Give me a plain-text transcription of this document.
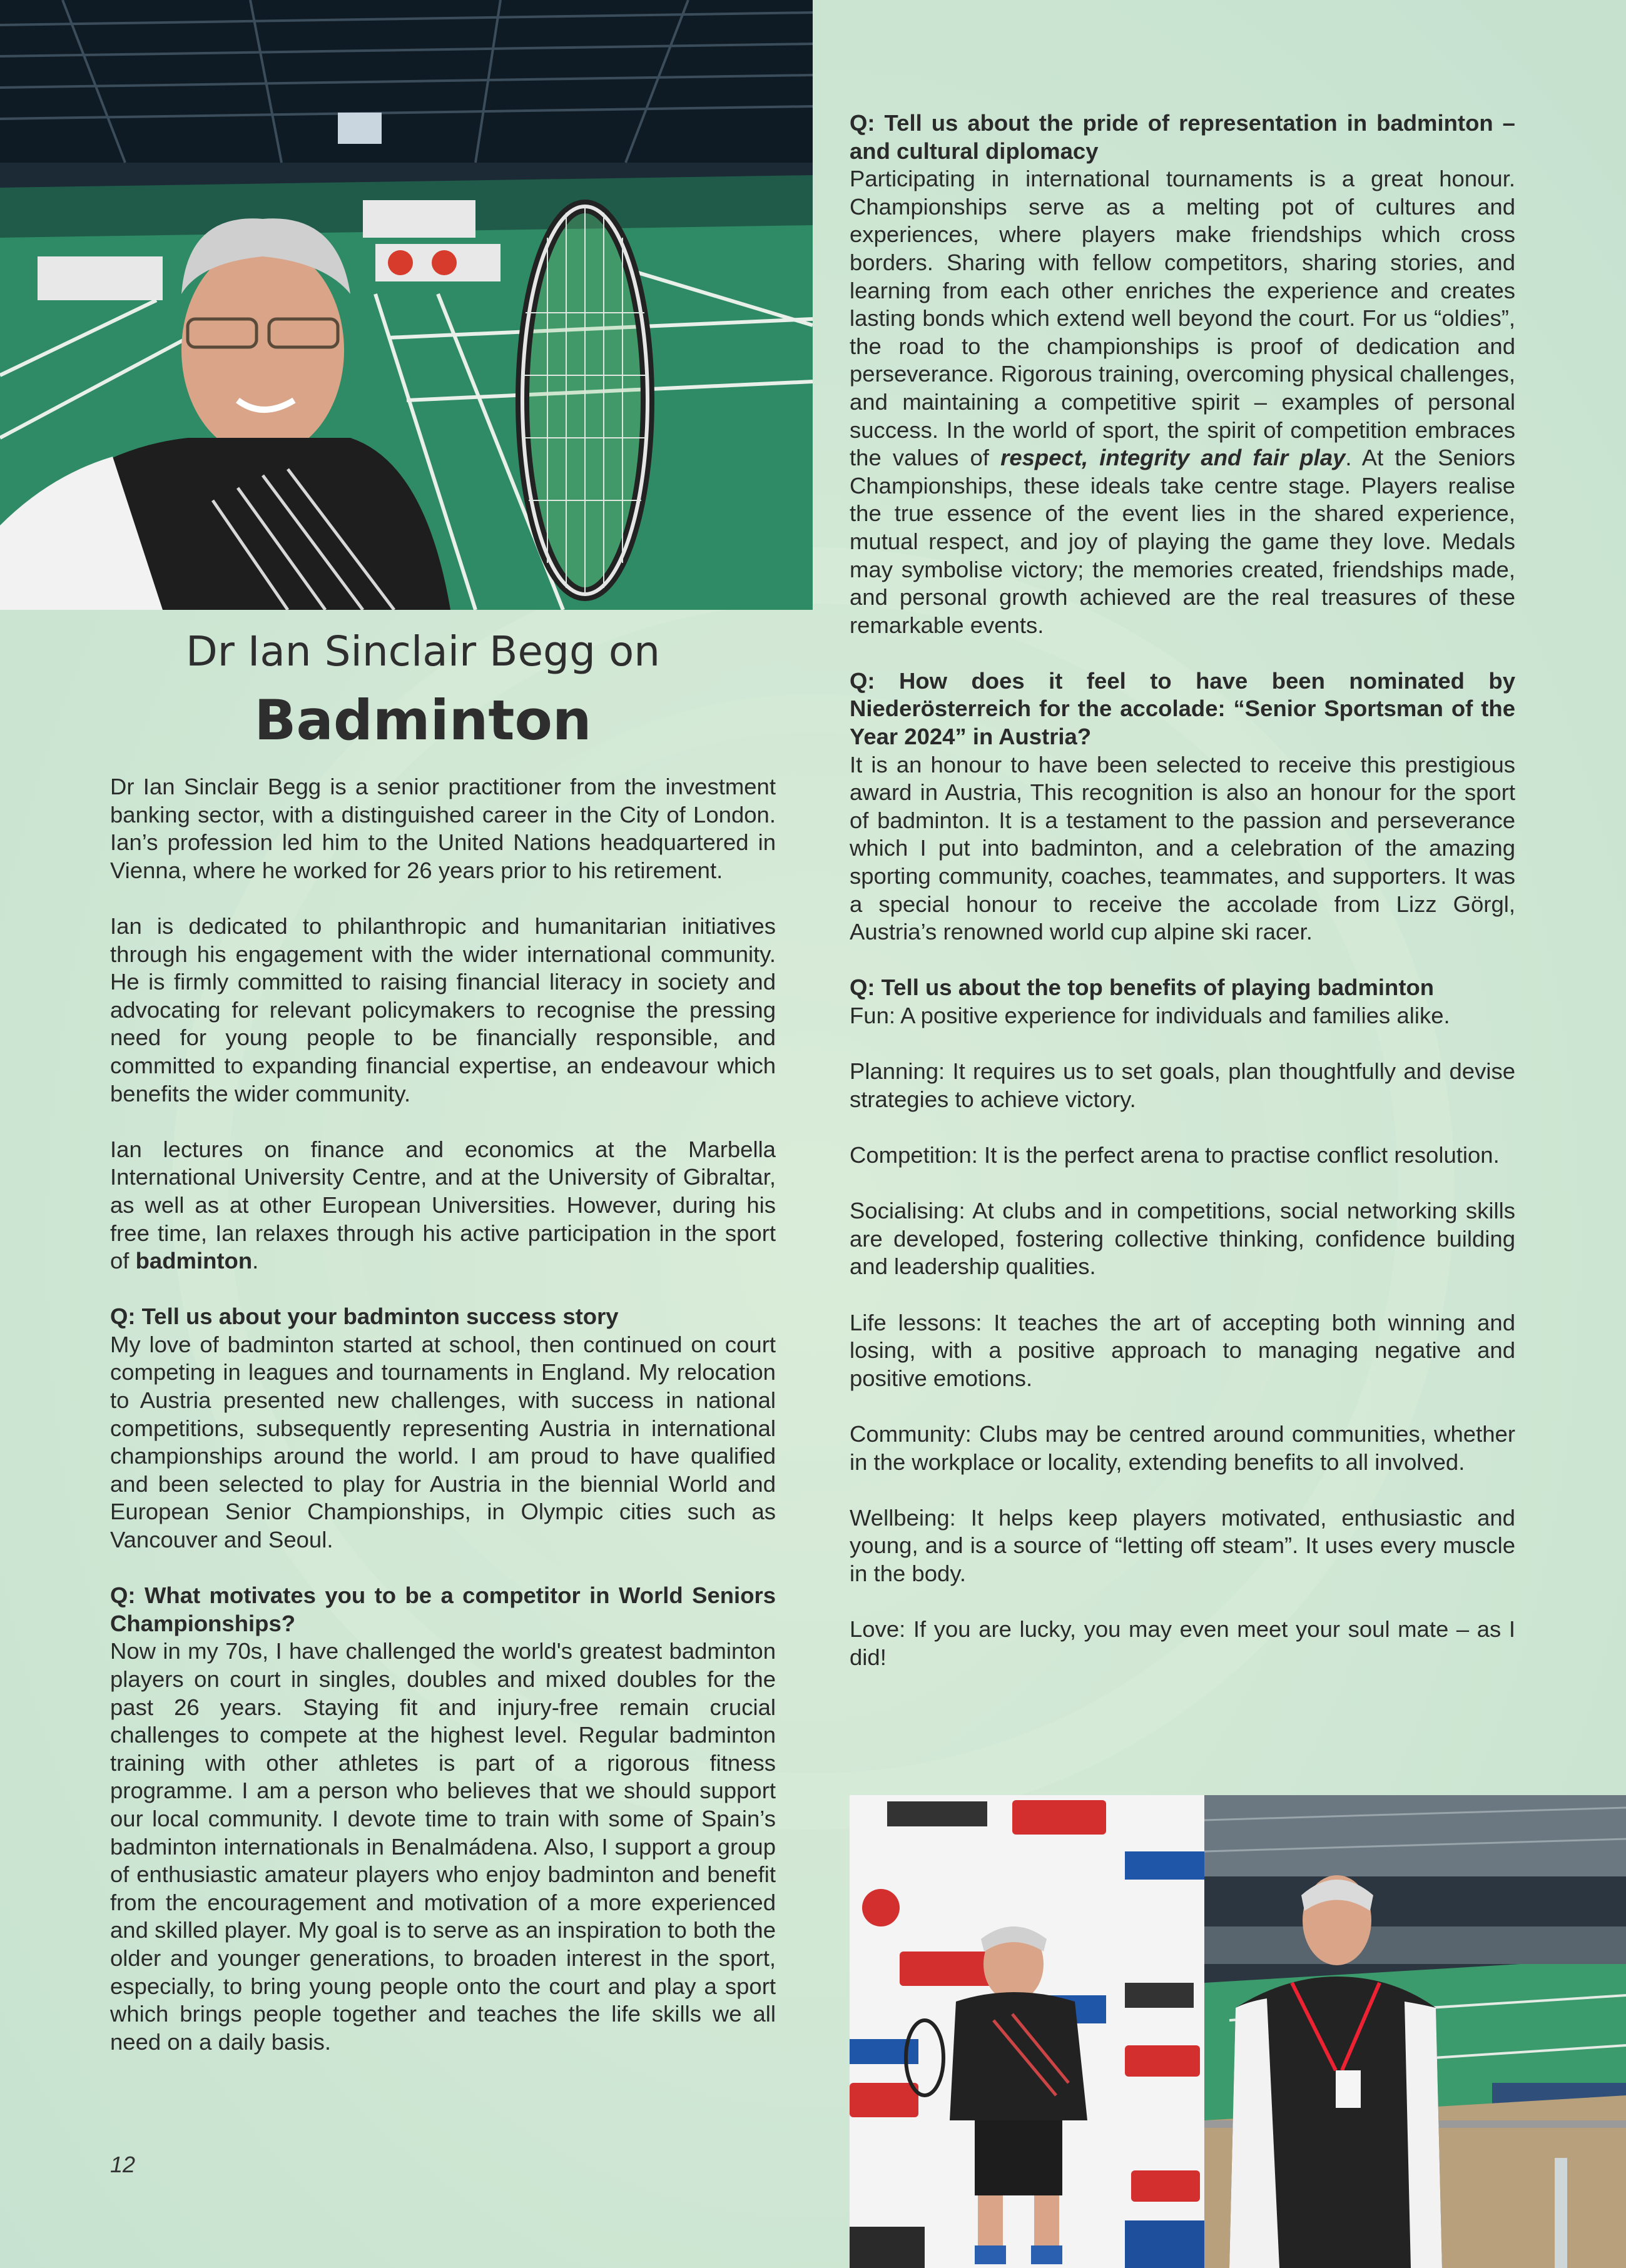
Dr Ian Sinclair Begg on
Badminton

Dr Ian Sinclair Begg is a senior practitioner from the investment banking sector, with a distinguished career in the City of London. Ian’s profession led him to the United Nations headquartered in Vienna, where he worked for 26 years prior to his retirement.

Ian is dedicated to philanthropic and humanitarian initiatives through his engagement with the wider international community. He is firmly committed to raising financial literacy in society and advocating for relevant policymakers to recognise the pressing need for young people to be financially responsible, and committed to expanding financial expertise, an endeavour which benefits the wider community.

Ian lectures on finance and economics at the Marbella International University Centre, and at the University of Gibraltar, as well as at other European Universities. However, during his free time, Ian relaxes through his active participation in the sport of badminton.

Q: Tell us about your badminton success story

My love of badminton started at school, then continued on court competing in leagues and tournaments in England. My relocation to Austria presented new challenges, with success in national competitions, subsequently representing Austria in international championships around the world. I am proud to have qualified and been selected to play for Austria in the biennial World and European Senior Championships, in Olympic cities such as Vancouver and Seoul.

Q: What motivates you to be a competitor in World Seniors Championships?

Now in my 70s, I have challenged the world's greatest badminton players on court in singles, doubles and mixed doubles for the past 26 years. Staying fit and injury-free remain crucial challenges to compete at the highest level. Regular badminton training with other athletes is part of a rigorous fitness programme. I am a person who believes that we should support our local community. I devote time to train with some of Spain’s badminton internationals in Benalmádena. Also, I support a group of enthusiastic amateur players who enjoy badminton and benefit from the encouragement and motivation of a more experienced and skilled player. My goal is to serve as an inspiration to both the older and younger generations, to broaden interest in the sport, especially, to bring young people onto the court and play a sport which brings people together and teaches the life skills we all need on a daily basis.

Q: Tell us about the pride of representation in badminton – and cultural diplomacy

Participating in international tournaments is a great honour. Championships serve as a melting pot of cultures and experiences, where players make friendships which cross borders. Sharing with fellow competitors, sharing stories, and learning from each other enriches the experience and creates lasting bonds which extend well beyond the court. For us “oldies”, the road to the championships is proof of dedication and perseverance. Rigorous training, overcoming physical challenges, and maintaining a competitive spirit – examples of personal success. In the world of sport, the spirit of competition embraces the values of respect, integrity and fair play. At the Seniors Championships, these ideals take centre stage. Players realise the true essence of the event lies in the shared experience, mutual respect, and joy of playing the game they love. Medals may symbolise victory; the memories created, friendships made, and personal growth achieved are the real treasures of these remarkable events.

Q: How does it feel to have been nominated by Niederösterreich for the accolade: “Senior Sportsman of the Year 2024” in Austria?

It is an honour to have been selected to receive this prestigious award in Austria, This recognition is also an honour for the sport of badminton. It is a testament to the passion and perseverance which I put into badminton, and a celebration of the amazing sporting community, coaches, teammates, and supporters. It was a special honour to receive the accolade from Lizz Görgl, Austria’s renowned world cup alpine ski racer.

Q: Tell us about the top benefits of playing badminton

Fun: A positive experience for individuals and families alike.

Planning: It requires us to set goals, plan thoughtfully and devise strategies to achieve victory.

Competition: It is the perfect arena to practise conflict resolution.

Socialising: At clubs and in competitions, social networking skills are developed, fostering collective thinking, confidence building and leadership qualities.

Life lessons: It teaches the art of accepting both winning and losing, with a positive approach to managing negative and positive emotions.

Community: Clubs may be centred around communities, whether in the workplace or locality, extending benefits to all involved.

Wellbeing: It helps keep players motivated, enthusiastic and young, and is a source of “letting off steam”. It uses every muscle in the body.

Love: If you are lucky, you may even meet your soul mate – as I did!

12
